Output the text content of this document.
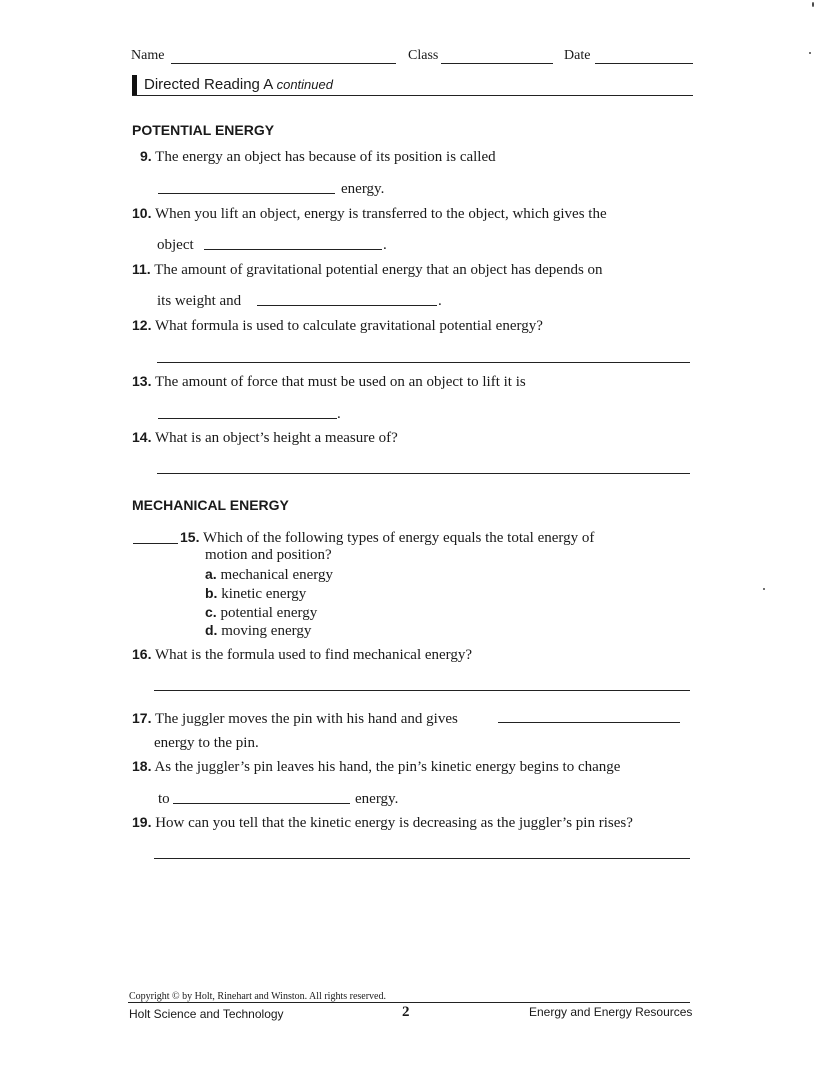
Name	Class	Date
Directed Reading A continued
POTENTIAL ENERGY
9. The energy an object has because of its position is called
energy.
10. When you lift an object, energy is transferred to the object, which gives the
object	.
11. The amount of gravitational potential energy that an object has depends on
its weight and	.
12. What formula is used to calculate gravitational potential energy?
13. The amount of force that must be used on an object to lift it is
.
14. What is an object’s height a measure of?
MECHANICAL ENERGY
15. Which of the following types of energy equals the total energy of
motion and position?
a. mechanical energy
b. kinetic energy
c. potential energy
d. moving energy
16. What is the formula used to find mechanical energy?
17. The juggler moves the pin with his hand and gives
energy to the pin.
18. As the juggler’s pin leaves his hand, the pin’s kinetic energy begins to change
to	energy.
19. How can you tell that the kinetic energy is decreasing as the juggler’s pin rises?
Copyright © by Holt, Rinehart and Winston. All rights reserved.
Holt Science and Technology	2	Energy and Energy Resources
